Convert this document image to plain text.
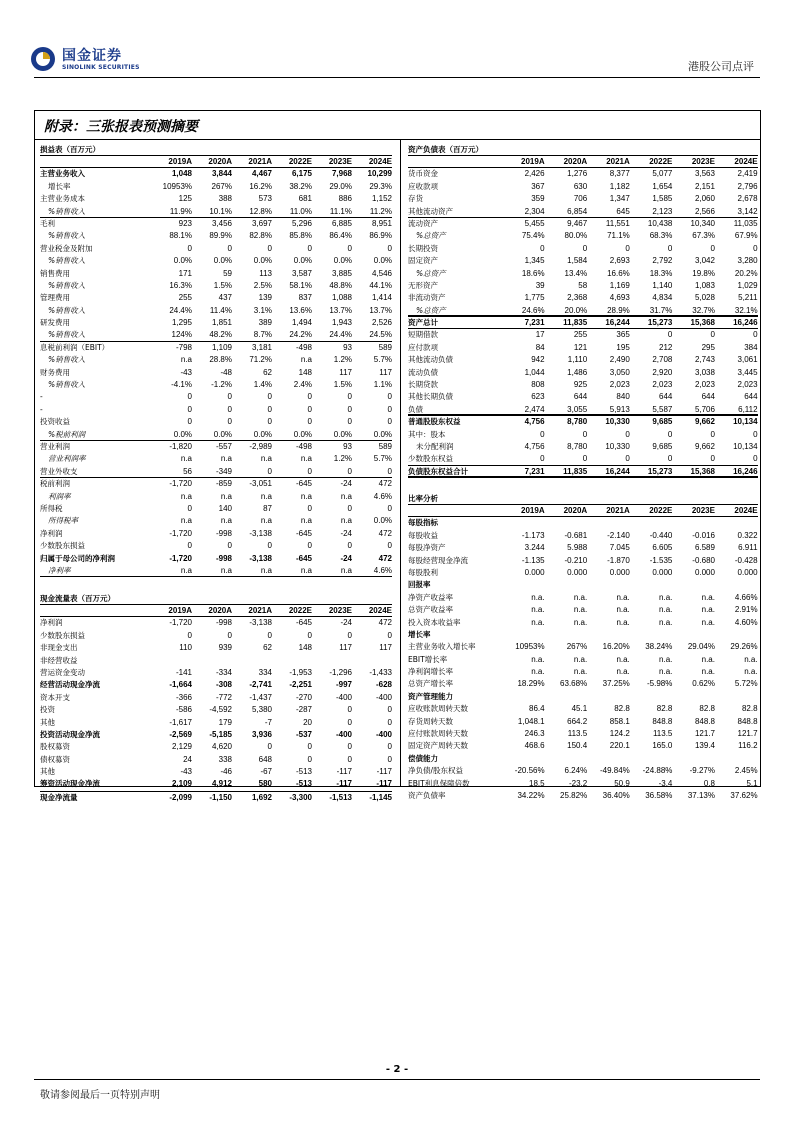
国金证券
SINOLINK SECURITIES	港股公司点评
附录：三张报表预测摘要
损益表（百万元）
2019A	2020A	2021A	2022E	2023E	2024E
主营业务收入	1,048	3,844	4,467	6,175	7,968	10,299
增长率	10953%	267%	16.2%	38.2%	29.0%	29.3%
主营业务成本	125	388	573	681	886	1,152
%销售收入	11.9%	10.1%	12.8%	11.0%	11.1%	11.2%
毛利	923	3,456	3,697	5,296	6,885	8,951
%销售收入	88.1%	89.9%	82.8%	85.8%	86.4%	86.9%
营业税金及附加	0	0	0	0	0	0
%销售收入	0.0%	0.0%	0.0%	0.0%	0.0%	0.0%
销售费用	171	59	113	3,587	3,885	4,546
%销售收入	16.3%	1.5%	2.5%	58.1%	48.8%	44.1%
管理费用	255	437	139	837	1,088	1,414
%销售收入	24.4%	11.4%	3.1%	13.6%	13.7%	13.7%
研发费用	1,295	1,851	389	1,494	1,943	2,526
%销售收入	124%	48.2%	8.7%	24.2%	24.4%	24.5%
息税前利润（EBIT）	-798	1,109	3,181	-498	93	589
%销售收入	n.a	28.8%	71.2%	n.a	1.2%	5.7%
财务费用	-43	-48	62	148	117	117
%销售收入	-4.1%	-1.2%	1.4%	2.4%	1.5%	1.1%
-	0	0	0	0	0	0
-	0	0	0	0	0	0
投资收益	0	0	0	0	0	0
%税前利润	0.0%	0.0%	0.0%	0.0%	0.0%	0.0%
营业利润	-1,820	-557	-2,989	-498	93	589
营业利润率	n.a	n.a	n.a	n.a	1.2%	5.7%
营业外收支	56	-349	0	0	0	0
税前利润	-1,720	-859	-3,051	-645	-24	472
利润率	n.a	n.a	n.a	n.a	n.a	4.6%
所得税	0	140	87	0	0	0
所得税率	n.a	n.a	n.a	n.a	n.a	0.0%
净利润	-1,720	-998	-3,138	-645	-24	472
少数股东损益	0	0	0	0	0	0
归属于母公司的净利润	-1,720	-998	-3,138	-645	-24	472
净利率	n.a	n.a	n.a	n.a	n.a	4.6%
现金流量表（百万元）
2019A	2020A	2021A	2022E	2023E	2024E
净利润	-1,720	-998	-3,138	-645	-24	472
少数股东损益	0	0	0	0	0	0
非现金支出	110	939	62	148	117	117
非经营收益
营运资金变动	-141	-334	334	-1,953	-1,296	-1,433
经营活动现金净流	-1,664	-308	-2,741	-2,251	-997	-628
资本开支	-366	-772	-1,437	-270	-400	-400
投资	-586	-4,592	5,380	-287	0	0
其他	-1,617	179	-7	20	0	0
投资活动现金净流	-2,569	-5,185	3,936	-537	-400	-400
股权募资	2,129	4,620	0	0	0	0
债权募资	24	338	648	0	0	0
其他	-43	-46	-67	-513	-117	-117
筹资活动现金净流	2,109	4,912	580	-513	-117	-117
现金净流量	-2,099	-1,150	1,692	-3,300	-1,513	-1,145
资产负债表（百万元）
2019A	2020A	2021A	2022E	2023E	2024E
货币资金	2,426	1,276	8,377	5,077	3,563	2,419
应收款项	367	630	1,182	1,654	2,151	2,796
存货	359	706	1,347	1,585	2,060	2,678
其他流动资产	2,304	6,854	645	2,123	2,566	3,142
流动资产	5,455	9,467	11,551	10,438	10,340	11,035
%总资产	75.4%	80.0%	71.1%	68.3%	67.3%	67.9%
长期投资	0	0	0	0	0	0
固定资产	1,345	1,584	2,693	2,792	3,042	3,280
%总资产	18.6%	13.4%	16.6%	18.3%	19.8%	20.2%
无形资产	39	58	1,169	1,140	1,083	1,029
非流动资产	1,775	2,368	4,693	4,834	5,028	5,211
%总资产	24.6%	20.0%	28.9%	31.7%	32.7%	32.1%
资产总计	7,231	11,835	16,244	15,273	15,368	16,246
短期借款	17	255	365	0	0	0
应付款项	84	121	195	212	295	384
其他流动负债	942	1,110	2,490	2,708	2,743	3,061
流动负债	1,044	1,486	3,050	2,920	3,038	3,445
长期贷款	808	925	2,023	2,023	2,023	2,023
其他长期负债	623	644	840	644	644	644
负债	2,474	3,055	5,913	5,587	5,706	6,112
普通股股东权益	4,756	8,780	10,330	9,685	9,662	10,134
其中：股本	0	0	0	0	0	0
未分配利润	4,756	8,780	10,330	9,685	9,662	10,134
少数股东权益	0	0	0	0	0	0
负债股东权益合计	7,231	11,835	16,244	15,273	15,368	16,246
比率分析
2019A	2020A	2021A	2022E	2023E	2024E
每股指标
每股收益	-1.173	-0.681	-2.140	-0.440	-0.016	0.322
每股净资产	3.244	5.988	7.045	6.605	6.589	6.911
每股经营现金净流	-1.135	-0.210	-1.870	-1.535	-0.680	-0.428
每股股利	0.000	0.000	0.000	0.000	0.000	0.000
回报率
净资产收益率	n.a.	n.a.	n.a.	n.a.	n.a.	4.66%
总资产收益率	n.a.	n.a.	n.a.	n.a.	n.a.	2.91%
投入资本收益率	n.a.	n.a.	n.a.	n.a.	n.a.	4.60%
增长率
主营业务收入增长率	10953%	267%	16.20%	38.24%	29.04%	29.26%
EBIT增长率	n.a.	n.a.	n.a.	n.a.	n.a.	n.a.
净利润增长率	n.a.	n.a.	n.a.	n.a.	n.a.	n.a.
总资产增长率	18.29%	63.68%	37.25%	-5.98%	0.62%	5.72%
资产管理能力
应收账款周转天数	86.4	45.1	82.8	82.8	82.8	82.8
存货周转天数	1,048.1	664.2	858.1	848.8	848.8	848.8
应付账款周转天数	246.3	113.5	124.2	113.5	121.7	121.7
固定资产周转天数	468.6	150.4	220.1	165.0	139.4	116.2
偿债能力
净负债/股东权益	-20.56%	6.24%	-49.84%	-24.88%	-9.27%	2.45%
EBIT利息保障倍数	18.5	-23.2	50.9	-3.4	0.8	5.1
资产负债率	34.22%	25.82%	36.40%	36.58%	37.13%	37.62%
- 2 -
敬请参阅最后一页特别声明
